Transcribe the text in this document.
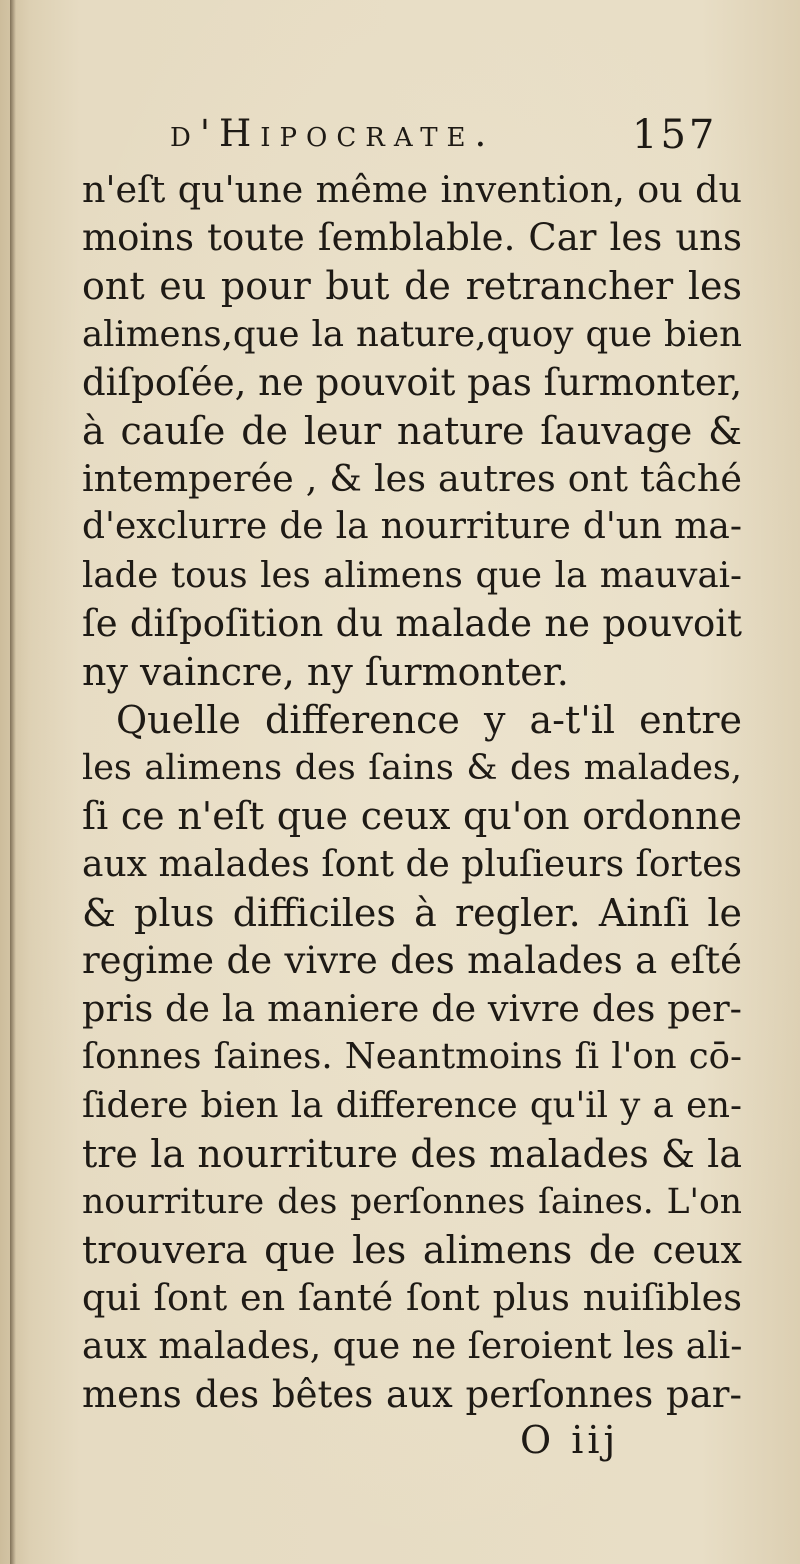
d'Hipocrate.	157
n'eſt qu'une même invention, ou du
moins toute ſemblable. Car les uns
ont eu pour but de retrancher les
alimens,que la nature,quoy que bien
diſpoſée, ne pouvoit pas ſurmonter,
à cauſe de leur nature ſauvage &
intemperée , & les autres ont tâché
d'exclurre de la nourriture d'un ma-
lade tous les alimens que la mauvai-
ſe diſpoſition du malade ne pouvoit
ny vaincre, ny ſurmonter.
Quelle difference y a-t'il entre
les alimens des ſains & des malades,
ſi ce n'eſt que ceux qu'on ordonne
aux malades ſont de pluſieurs ſortes
& plus difficiles à regler. Ainſi le
regime de vivre des malades a eſté
pris de la maniere de vivre des per-
ſonnes ſaines. Neantmoins ſi l'on cō-
ſidere bien la difference qu'il y a en-
tre la nourriture des malades & la
nourriture des perſonnes ſaines. L'on
trouvera que les alimens de ceux
qui ſont en ſanté ſont plus nuiſibles
aux malades, que ne ſeroient les ali-
mens des bêtes aux perſonnes par-
O iij
